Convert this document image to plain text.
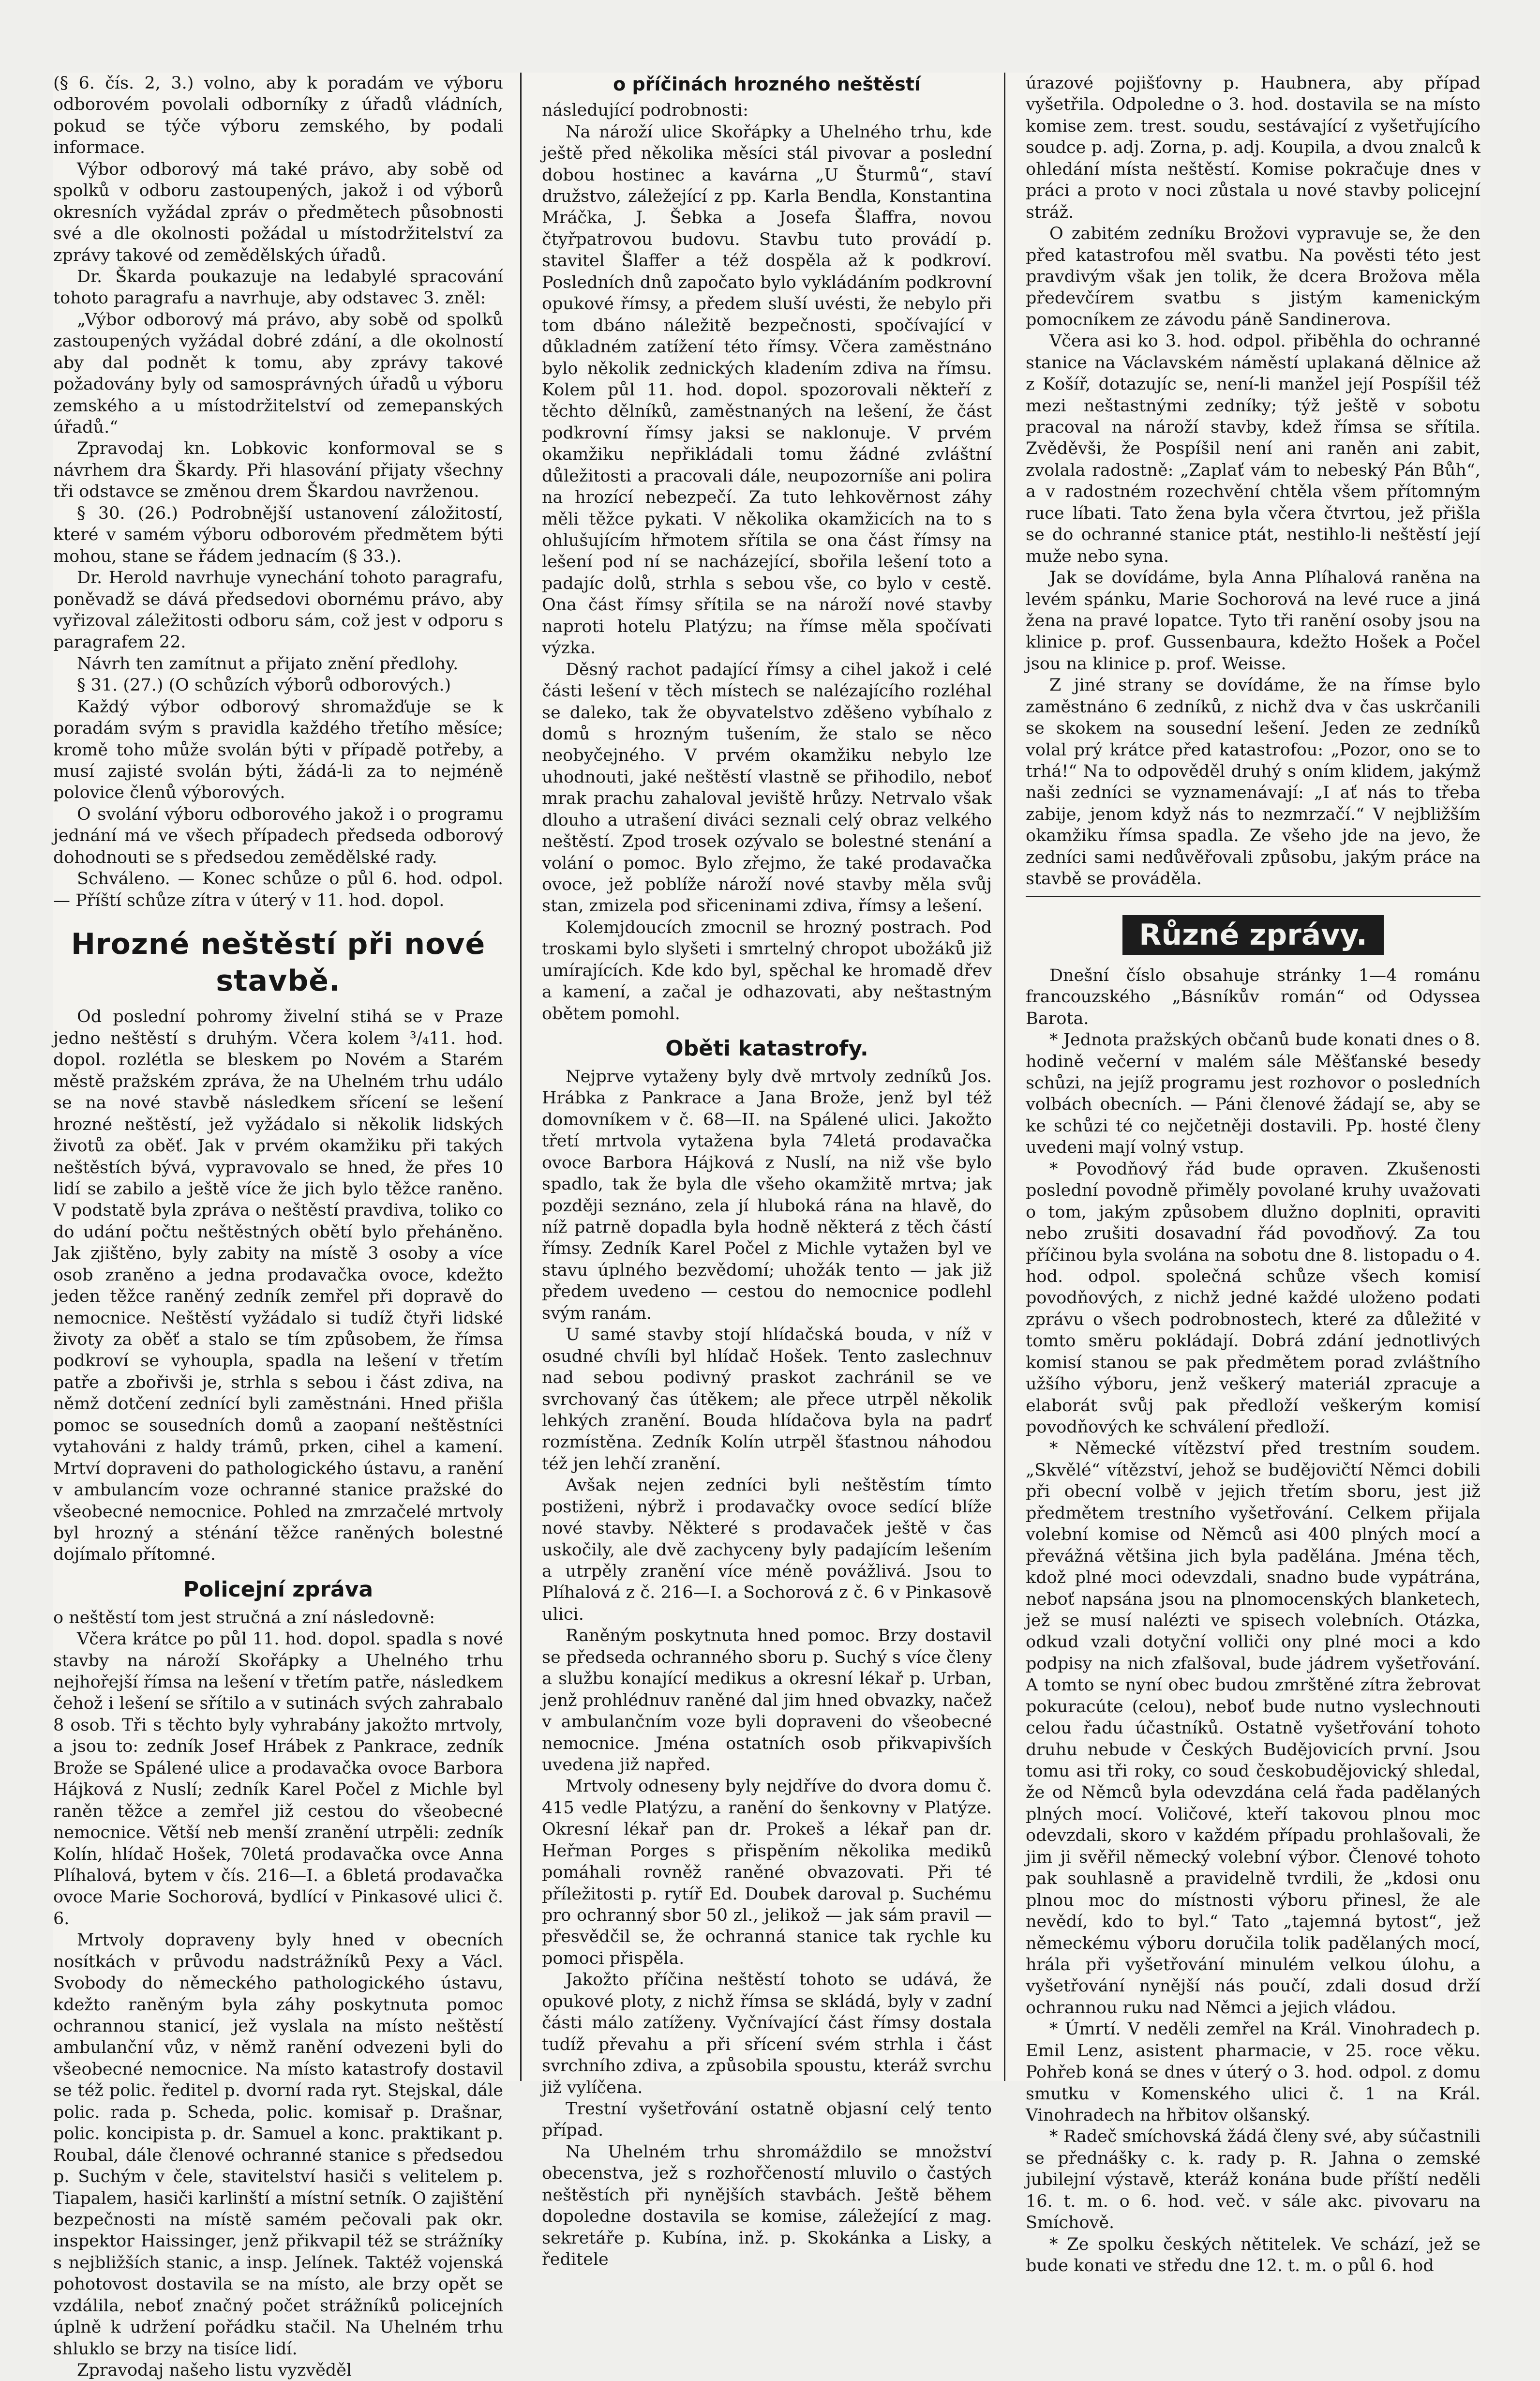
(§ 6. čís. 2, 3.) volno, aby k poradám ve výboru odborovém povolali odborníky z úřadů vládních, pokud se týče výboru zemského, by podali informace.

Výbor odborový má také právo, aby sobě od spolků v odboru zastoupených, jakož i od výborů okresních vyžádal zpráv o předmětech působnosti své a dle okolnosti požádal u místodržitelství za zprávy takové od zemědělských úřadů.

Dr. Škarda poukazuje na ledabylé spracování tohoto paragrafu a navrhuje, aby odstavec 3. zněl:

„Výbor odborový má právo, aby sobě od spolků zastoupených vyžádal dobré zdání, a dle okolností aby dal podnět k tomu, aby zprávy takové požadovány byly od samosprávných úřadů u výboru zemského a u místodržitelství od zemepanských úřadů.“

Zpravodaj kn. Lobkovic konformoval se s návrhem dra Škardy. Při hlasování přijaty všechny tři odstavce se změnou drem Škardou navrženou.

§ 30. (26.) Podrobnější ustanovení záložitostí, které v samém výboru odborovém předmětem býti mohou, stane se řádem jednacím (§ 33.).

Dr. Herold navrhuje vynechání tohoto paragrafu, poněvadž se dává předsedovi obornému právo, aby vyřizoval záležitosti odboru sám, což jest v odporu s paragrafem 22.

Návrh ten zamítnut a přijato znění předlohy.

§ 31. (27.) (O schůzích výborů odborových.)

Každý výbor odborový shromažďuje se k poradám svým s pravidla každého třetího měsíce; kromě toho může svolán býti v případě potřeby, a musí zajisté svolán býti, žádá-li za to nejméně polovice členů výborových.

O svolání výboru odborového jakož i o programu jednání má ve všech případech předseda odborový dohodnouti se s předsedou zemědělské rady.

Schváleno. — Konec schůze o půl 6. hod. odpol. — Příští schůze zítra v úterý v 11. hod. dopol.

Hrozné neštěstí při nové stavbě.

Od poslední pohromy živelní stihá se v Praze jedno neštěstí s druhým. Včera kolem ³/₄11. hod. dopol. rozlétla se bleskem po Novém a Starém městě pražském zpráva, že na Uhelném trhu událo se na nové stavbě následkem sřícení se lešení hrozné neštěstí, jež vyžádalo si několik lidských životů za oběť. Jak v prvém okamžiku při takých neštěstích bývá, vypravovalo se hned, že přes 10 lidí se zabilo a ještě více že jich bylo těžce raněno. V podstatě byla zpráva o neštěstí pravdiva, toliko co do udání počtu neštěstných obětí bylo přeháněno. Jak zjištěno, byly zabity na místě 3 osoby a více osob zraněno a jedna prodavačka ovoce, kdežto jeden těžce raněný zedník zemřel při dopravě do nemocnice. Neštěstí vyžádalo si tudíž čtyři lidské životy za oběť a stalo se tím způsobem, že římsa podkroví se vyhoupla, spadla na lešení v třetím patře a zbořivši je, strhla s sebou i část zdiva, na němž dotčení zednící byli zaměstnáni. Hned přišla pomoc se sousedních domů a zaopaní neštěstníci vytahováni z haldy trámů, prken, cihel a kamení. Mrtví dopraveni do pathologického ústavu, a ranění v ambulancím voze ochranné stanice pražské do všeobecné nemocnice. Pohled na zmrzačelé mrtvoly byl hrozný a sténání těžce raněných bolestné dojímalo přítomné.

Policejní zpráva

o neštěstí tom jest stručná a zní následovně:

Včera krátce po půl 11. hod. dopol. spadla s nové stavby na nároží Skořápky a Uhelného trhu nejhořejší římsa na lešení v třetím patře, následkem čehož i lešení se sřítilo a v sutinách svých zahrabalo 8 osob. Tři s těchto byly vyhrabány jakožto mrtvoly, a jsou to: zedník Josef Hrábek z Pankrace, zedník Brože se Spálené ulice a prodavačka ovoce Barbora Hájková z Nuslí; zedník Karel Počel z Michle byl raněn těžce a zemřel již cestou do všeobecné nemocnice. Větší neb menší zranění utrpěli: zedník Kolín, hlídač Hošek, 70letá prodavačka ovce Anna Plíhalová, bytem v čís. 216—I. a 6bletá prodavačka ovoce Marie Sochorová, bydlící v Pinkasové ulici č. 6.

Mrtvoly dopraveny byly hned v obecních nosítkách v průvodu nadstrážníků Pexy a Václ. Svobody do německého pathologického ústavu, kdežto raněným byla záhy poskytnuta pomoc ochrannou stanicí, jež vyslala na místo neštěstí ambulanční vůz, v němž ranění odvezeni byli do všeobecné nemocnice. Na místo katastrofy dostavil se též polic. ředitel p. dvorní rada ryt. Stejskal, dále polic. rada p. Scheda, polic. komisař p. Drašnar, polic. koncipista p. dr. Samuel a konc. praktikant p. Roubal, dále členové ochranné stanice s předsedou p. Suchým v čele, stavitelství hasiči s velitelem p. Tiapalem, hasiči karlinští a místní setník. O zajištění bezpečnosti na místě samém pečovali pak okr. inspektor Haissinger, jenž přikvapil též se strážníky s nejbližších stanic, a insp. Jelínek. Taktéž vojenská pohotovost dostavila se na místo, ale brzy opět se vzdálila, neboť značný počet strážníků policejních úplně k udržení pořádku stačil. Na Uhelném trhu shluklo se brzy na tisíce lidí.

Zpravodaj našeho listu vyzvěděl

o příčinách hrozného neštěstí

následující podrobnosti:

Na nároží ulice Skořápky a Uhelného trhu, kde ještě před několika měsíci stál pivovar a poslední dobou hostinec a kavárna „U Šturmů“, staví družstvo, záležející z pp. Karla Bendla, Konstantina Mráčka, J. Šebka a Josefa Šlaffra, novou čtyřpatrovou budovu. Stavbu tuto provádí p. stavitel Šlaffer a též dospěla až k podkroví. Posledních dnů započato bylo vykládáním podkrovní opukové římsy, a předem sluší uvésti, že nebylo při tom dbáno náležitě bezpečnosti, spočívající v důkladném zatížení této římsy. Včera zaměstnáno bylo několik zednických kladením zdiva na římsu. Kolem půl 11. hod. dopol. spozorovali někteří z těchto dělníků, zaměstnaných na lešení, že část podkrovní římsy jaksi se naklonuje. V prvém okamžiku nepřikládali tomu žádné zvláštní důležitosti a pracovali dále, neupozorníše ani polira na hrozící nebezpečí. Za tuto lehkověrnost záhy měli těžce pykati. V několika okamžicích na to s ohlušujícím hřmotem sřítila se ona část římsy na lešení pod ní se nacházející, sbořila lešení toto a padajíc dolů, strhla s sebou vše, co bylo v cestě. Ona část římsy sřítila se na nároží nové stavby naproti hotelu Platýzu; na římse měla spočívati výzka.

Děsný rachot padající římsy a cihel jakož i celé části lešení v těch místech se nalézajícího rozléhal se daleko, tak že obyvatelstvo zděšeno vybíhalo z domů s hrozným tušením, že stalo se něco neobyčejného. V prvém okamžiku nebylo lze uhodnouti, jaké neštěstí vlastně se přihodilo, neboť mrak prachu zahaloval jeviště hrůzy. Netrvalo však dlouho a utrašení diváci seznali celý obraz velkého neštěstí. Zpod trosek ozývalo se bolestné stenání a volání o pomoc. Bylo zřejmo, že také prodavačka ovoce, jež poblíže nároží nové stavby měla svůj stan, zmizela pod sřiceninami zdiva, římsy a lešení.

Kolemjdoucích zmocnil se hrozný postrach. Pod troskami bylo slyšeti i smrtelný chropot ubožáků již umírajících. Kde kdo byl, spěchal ke hromadě dřev a kamení, a začal je odhazovati, aby neštastným obětem pomohl.

Oběti katastrofy.

Nejprve vytaženy byly dvě mrtvoly zedníků Jos. Hrábka z Pankrace a Jana Brože, jenž byl též domovníkem v č. 68—II. na Spálené ulici. Jakožto třetí mrtvola vytažena byla 74letá prodavačka ovoce Barbora Hájková z Nuslí, na niž vše bylo spadlo, tak že byla dle všeho okamžitě mrtva; jak později seznáno, zela jí hluboká rána na hlavě, do níž patrně dopadla byla hodně některá z těch částí římsy. Zedník Karel Počel z Michle vytažen byl ve stavu úplného bezvědomí; uhožák tento — jak již předem uvedeno — cestou do nemocnice podlehl svým ranám.

U samé stavby stojí hlídačská bouda, v níž v osudné chvíli byl hlídač Hošek. Tento zaslechnuv nad sebou podivný praskot zachránil se ve svrchovaný čas útěkem; ale přece utrpěl několik lehkých zranění. Bouda hlídačova byla na padrť rozmístěna. Zedník Kolín utrpěl šťastnou náhodou též jen lehčí zranění.

Avšak nejen zedníci byli neštěstím tímto postiženi, nýbrž i prodavačky ovoce sedící blíže nové stavby. Některé s prodavaček ještě v čas uskočily, ale dvě zachyceny byly padajícím lešením a utrpěly zranění více méně povážlivá. Jsou to Plíhalová z č. 216—I. a Sochorová z č. 6 v Pinkasově ulici.

Raněným poskytnuta hned pomoc. Brzy dostavil se předseda ochranného sboru p. Suchý s více členy a službu konající medikus a okresní lékař p. Urban, jenž prohlédnuv raněné dal jim hned obvazky, načež v ambulančním voze byli dopraveni do všeobecné nemocnice. Jména ostatních osob přikvapivších uvedena již napřed.

Mrtvoly odneseny byly nejdříve do dvora domu č. 415 vedle Platýzu, a ranění do šenkovny v Platýze. Okresní lékař pan dr. Prokeš a lékař pan dr. Heřman Porges s přispěním několika mediků pomáhali rovněž raněné obvazovati. Při té příležitosti p. rytíř Ed. Doubek daroval p. Suchému pro ochranný sbor 50 zl., jelikož — jak sám pravil — přesvědčil se, že ochranná stanice tak rychle ku pomoci přispěla.

Jakožto příčina neštěstí tohoto se udává, že opukové ploty, z nichž římsa se skládá, byly v zadní části málo zatíženy. Vyčnívající část římsy dostala tudíž převahu a při sřícení svém strhla i část svrchního zdiva, a způsobila spoustu, kteráž svrchu již vylíčena.

Trestní vyšetřování ostatně objasní celý tento případ.

Na Uhelném trhu shromáždilo se množství obecenstva, jež s rozhořčeností mluvilo o častých neštěstích při nynějších stavbách. Ještě během dopoledne dostavila se komise, záležející z mag. sekretáře p. Kubína, inž. p. Skokánka a Lisky, a ředitele

úrazové pojišťovny p. Haubnera, aby případ vyšetřila. Odpoledne o 3. hod. dostavila se na místo komise zem. trest. soudu, sestávající z vyšetřujícího soudce p. adj. Zorna, p. adj. Koupila, a dvou znalců k ohledání místa neštěstí. Komise pokračuje dnes v práci a proto v noci zůstala u nové stavby policejní stráž.

O zabitém zedníku Brožovi vypravuje se, že den před katastrofou měl svatbu. Na pověsti této jest pravdivým však jen tolik, že dcera Brožova měla předevčírem svatbu s jistým kamenickým pomocníkem ze závodu páně Sandinerova.

Včera asi ko 3. hod. odpol. přiběhla do ochranné stanice na Václavském náměstí uplakaná dělnice až z Košíř, dotazujíc se, není-li manžel její Pospíšil též mezi neštastnými zedníky; týž ještě v sobotu pracoval na nároží stavby, kdež římsa se sřítila. Zvěděvši, že Pospíšil není ani raněn ani zabit, zvolala radostně: „Zaplať vám to nebeský Pán Bůh“, a v radostném rozechvění chtěla všem přítomným ruce líbati. Tato žena byla včera čtvrtou, jež přišla se do ochranné stanice ptát, nestihlo-li neštěstí její muže nebo syna.

Jak se dovídáme, byla Anna Plíhalová raněna na levém spánku, Marie Sochorová na levé ruce a jiná žena na pravé lopatce. Tyto tři ranění osoby jsou na klinice p. prof. Gussenbaura, kdežto Hošek a Počel jsou na klinice p. prof. Weisse.

Z jiné strany se dovídáme, že na římse bylo zaměstnáno 6 zedníků, z nichž dva v čas uskrčanili se skokem na sousední lešení. Jeden ze zedníků volal prý krátce před katastrofou: „Pozor, ono se to trhá!“ Na to odpověděl druhý s oním klidem, jakýmž naši zedníci se vyznamenávají: „I ať nás to třeba zabije, jenom když nás to nezmrzačí.“ V nejbližším okamžiku římsa spadla. Ze všeho jde na jevo, že zedníci sami nedůvěřovali způsobu, jakým práce na stavbě se prováděla.

Různé zprávy.

Dnešní číslo obsahuje stránky 1—4 románu francouzského „Básníkův román“ od Odyssea Barota.

* Jednota pražských občanů bude konati dnes o 8. hodině večerní v malém sále Měšťanské besedy schůzi, na jejíž programu jest rozhovor o posledních volbách obecních. — Páni členové žádají se, aby se ke schůzi té co nejčetněji dostavili. Pp. hosté členy uvedeni mají volný vstup.

* Povodňový řád bude opraven. Zkušenosti poslední povodně přiměly povolané kruhy uvažovati o tom, jakým způsobem dlužno doplniti, opraviti nebo zrušiti dosavadní řád povodňový. Za tou příčinou byla svolána na sobotu dne 8. listopadu o 4. hod. odpol. společná schůze všech komisí povodňových, z nichž jedné každé uloženo podati zprávu o všech podrobnostech, které za důležité v tomto směru pokládají. Dobrá zdání jednotlivých komisí stanou se pak předmětem porad zvláštního užšího výboru, jenž veškerý materiál zpracuje a elaborát svůj pak předloží veškerým komisí povodňových ke schválení předloží.

* Německé vítězství před trestním soudem. „Skvělé“ vítězství, jehož se budějovičtí Němci dobili při obecní volbě v jejich třetím sboru, jest již předmětem trestního vyšetřování. Celkem přijala volební komise od Němců asi 400 plných mocí a převážná většina jich byla padělána. Jména těch, kdož plné moci odevzdali, snadno bude vypátrána, neboť napsána jsou na plnomocenských blanketech, jež se musí nalézti ve spisech volebních. Otázka, odkud vzali dotyční volliči ony plné moci a kdo podpisy na nich zfalšoval, bude jádrem vyšetřování. A tomto se nyní obec budou zmrštěné zítra žebrovat pokuracúte (celou), neboť bude nutno vyslechnouti celou řadu účastníků. Ostatně vyšetřování tohoto druhu nebude v Českých Budějovicích první. Jsou tomu asi tři roky, co soud českobudějovický shledal, že od Němců byla odevzdána celá řada padělaných plných mocí. Voličové, kteří takovou plnou moc odevzdali, skoro v každém případu prohlašovali, že jim ji svěřil německý volební výbor. Členové tohoto pak souhlasně a pravidelně tvrdili, že „kdosi onu plnou moc do místnosti výboru přinesl, že ale nevědí, kdo to byl.“ Tato „tajemná bytost“, jež německému výboru doručila tolik padělaných mocí, hrála při vyšetřování minulém velkou úlohu, a vyšetřování nynější nás poučí, zdali dosud drží ochrannou ruku nad Němci a jejich vládou.

* Úmrtí. V neděli zemřel na Král. Vinohradech p. Emil Lenz, asistent pharmacie, v 25. roce věku. Pohřeb koná se dnes v úterý o 3. hod. odpol. z domu smutku v Komenského ulici č. 1 na Král. Vinohradech na hřbitov olšanský.

* Radeč smíchovská žádá členy své, aby súčastnili se přednášky c. k. rady p. R. Jahna o zemské jubilejní výstavě, kteráž konána bude příští neděli 16. t. m. o 6. hod. več. v sále akc. pivovaru na Smíchově.

* Ze spolku českých nětitelek. Ve schází, jež se bude konati ve středu dne 12. t. m. o půl 6. hod
